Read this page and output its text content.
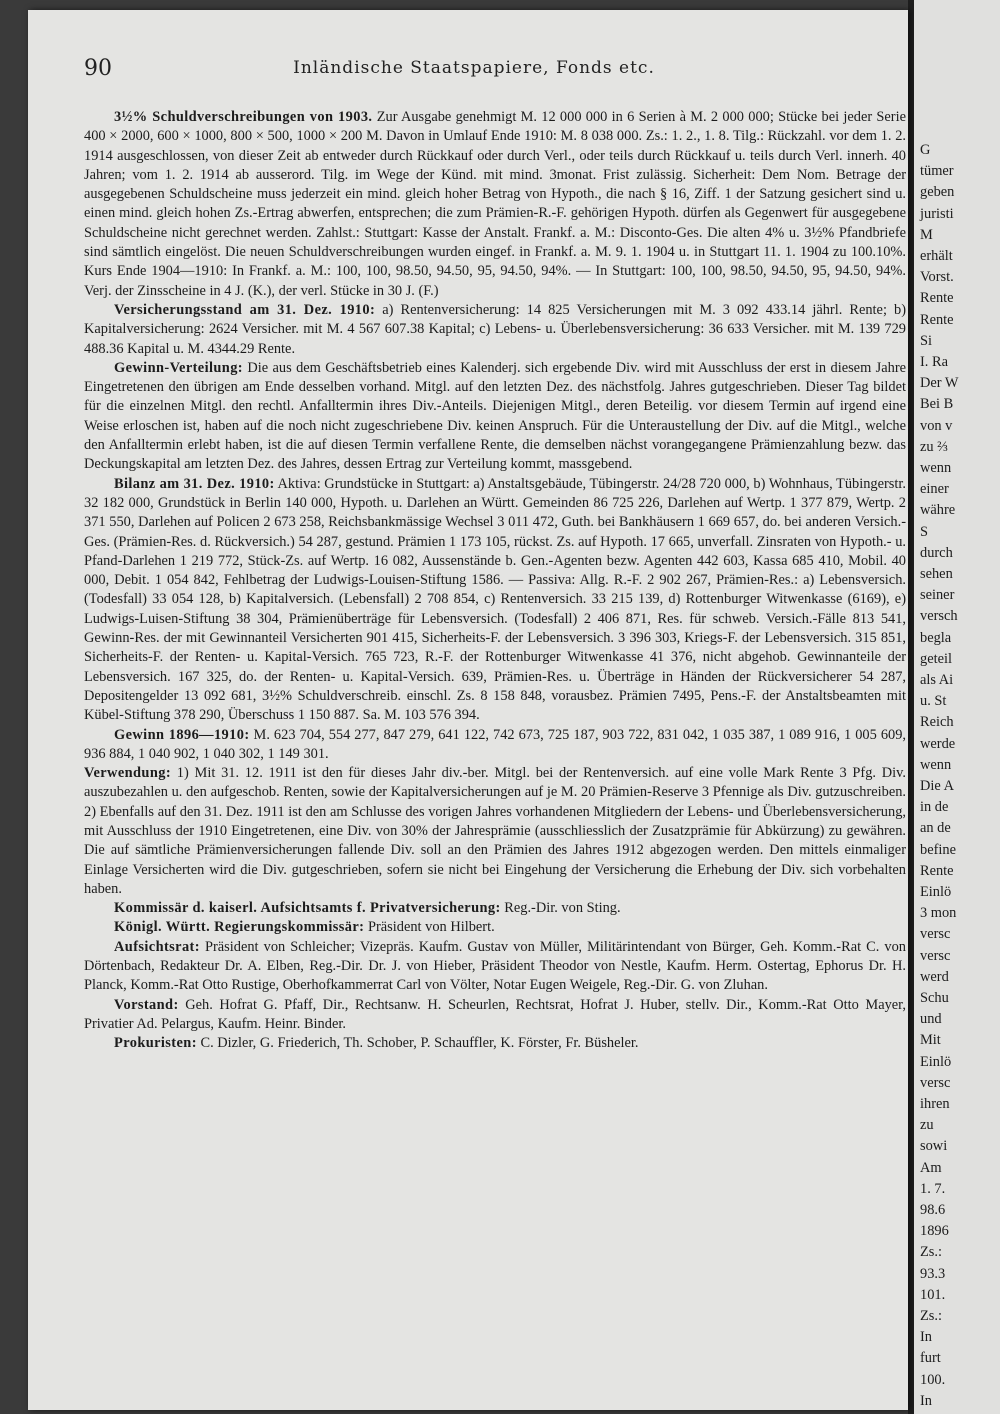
90	Inländische Staatspapiere, Fonds etc.

3½% Schuldverschreibungen von 1903. Zur Ausgabe genehmigt M. 12 000 000 in 6 Serien à M. 2 000 000; Stücke bei jeder Serie 400 × 2000, 600 × 1000, 800 × 500, 1000 × 200 M. Davon in Umlauf Ende 1910: M. 8 038 000. Zs.: 1. 2., 1. 8. Tilg.: Rückzahl. vor dem 1. 2. 1914 ausgeschlossen, von dieser Zeit ab entweder durch Rückkauf oder durch Verl., oder teils durch Rückkauf u. teils durch Verl. innerh. 40 Jahren; vom 1. 2. 1914 ab ausserord. Tilg. im Wege der Künd. mit mind. 3monat. Frist zulässig. Sicherheit: Dem Nom. Betrage der ausgegebenen Schuldscheine muss jederzeit ein mind. gleich hoher Betrag von Hypoth., die nach § 16, Ziff. 1 der Satzung gesichert sind u. einen mind. gleich hohen Zs.-Ertrag abwerfen, entsprechen; die zum Prämien-R.-F. gehörigen Hypoth. dürfen als Gegenwert für ausgegebene Schuldscheine nicht gerechnet werden. Zahlst.: Stuttgart: Kasse der Anstalt. Frankf. a. M.: Disconto-Ges. Die alten 4% u. 3½% Pfandbriefe sind sämtlich eingelöst. Die neuen Schuldverschreibungen wurden eingef. in Frankf. a. M. 9. 1. 1904 u. in Stuttgart 11. 1. 1904 zu 100.10%. Kurs Ende 1904—1910: In Frankf. a. M.: 100, 100, 98.50, 94.50, 95, 94.50, 94%. — In Stuttgart: 100, 100, 98.50, 94.50, 95, 94.50, 94%. Verj. der Zinsscheine in 4 J. (K.), der verl. Stücke in 30 J. (F.)

Versicherungsstand am 31. Dez. 1910: a) Rentenversicherung: 14 825 Versicherungen mit M. 3 092 433.14 jährl. Rente; b) Kapitalversicherung: 2624 Versicher. mit M. 4 567 607.38 Kapital; c) Lebens- u. Überlebensversicherung: 36 633 Versicher. mit M. 139 729 488.36 Kapital u. M. 4344.29 Rente.

Gewinn-Verteilung: Die aus dem Geschäftsbetrieb eines Kalenderj. sich ergebende Div. wird mit Ausschluss der erst in diesem Jahre Eingetretenen den übrigen am Ende desselben vorhand. Mitgl. auf den letzten Dez. des nächstfolg. Jahres gutgeschrieben. Dieser Tag bildet für die einzelnen Mitgl. den rechtl. Anfalltermin ihres Div.-Anteils. Diejenigen Mitgl., deren Beteilig. vor diesem Termin auf irgend eine Weise erloschen ist, haben auf die noch nicht zugeschriebene Div. keinen Anspruch. Für die Unteraustellung der Div. auf die Mitgl., welche den Anfalltermin erlebt haben, ist die auf diesen Termin verfallene Rente, die demselben nächst vorangegangene Prämienzahlung bezw. das Deckungskapital am letzten Dez. des Jahres, dessen Ertrag zur Verteilung kommt, massgebend.

Bilanz am 31. Dez. 1910: Aktiva: Grundstücke in Stuttgart: a) Anstaltsgebäude, Tübingerstr. 24/28 720 000, b) Wohnhaus, Tübingerstr. 32 182 000, Grundstück in Berlin 140 000, Hypoth. u. Darlehen an Württ. Gemeinden 86 725 226, Darlehen auf Wertp. 1 377 879, Wertp. 2 371 550, Darlehen auf Policen 2 673 258, Reichsbankmässige Wechsel 3 011 472, Guth. bei Bankhäusern 1 669 657, do. bei anderen Versich.-Ges. (Prämien-Res. d. Rückversich.) 54 287, gestund. Prämien 1 173 105, rückst. Zs. auf Hypoth. 17 665, unverfall. Zinsraten von Hypoth.- u. Pfand-Darlehen 1 219 772, Stück-Zs. auf Wertp. 16 082, Aussenstände b. Gen.-Agenten bezw. Agenten 442 603, Kassa 685 410, Mobil. 40 000, Debit. 1 054 842, Fehlbetrag der Ludwigs-Louisen-Stiftung 1586. — Passiva: Allg. R.-F. 2 902 267, Prämien-Res.: a) Lebensversich. (Todesfall) 33 054 128, b) Kapitalversich. (Lebensfall) 2 708 854, c) Rentenversich. 33 215 139, d) Rottenburger Witwenkasse (6169), e) Ludwigs-Luisen-Stiftung 38 304, Prämienüberträge für Lebensversich. (Todesfall) 2 406 871, Res. für schweb. Versich.-Fälle 813 541, Gewinn-Res. der mit Gewinnanteil Versicherten 901 415, Sicherheits-F. der Lebensversich. 3 396 303, Kriegs-F. der Lebensversich. 315 851, Sicherheits-F. der Renten- u. Kapital-Versich. 765 723, R.-F. der Rottenburger Witwenkasse 41 376, nicht abgehob. Gewinnanteile der Lebensversich. 167 325, do. der Renten- u. Kapital-Versich. 639, Prämien-Res. u. Überträge in Händen der Rückversicherer 54 287, Depositengelder 13 092 681, 3½% Schuldverschreib. einschl. Zs. 8 158 848, vorausbez. Prämien 7495, Pens.-F. der Anstaltsbeamten mit Kübel-Stiftung 378 290, Überschuss 1 150 887. Sa. M. 103 576 394.

Gewinn 1896—1910: M. 623 704, 554 277, 847 279, 641 122, 742 673, 725 187, 903 722, 831 042, 1 035 387, 1 089 916, 1 005 609, 936 884, 1 040 902, 1 040 302, 1 149 301.

Verwendung: 1) Mit 31. 12. 1911 ist den für dieses Jahr div.-ber. Mitgl. bei der Rentenversich. auf eine volle Mark Rente 3 Pfg. Div. auszubezahlen u. den aufgeschob. Renten, sowie der Kapitalversicherungen auf je M. 20 Prämien-Reserve 3 Pfennige als Div. gutzuschreiben. 2) Ebenfalls auf den 31. Dez. 1911 ist den am Schlusse des vorigen Jahres vorhandenen Mitgliedern der Lebens- und Überlebensversicherung, mit Ausschluss der 1910 Eingetretenen, eine Div. von 30% der Jahresprämie (ausschliesslich der Zusatzprämie für Abkürzung) zu gewähren. Die auf sämtliche Prämienversicherungen fallende Div. soll an den Prämien des Jahres 1912 abgezogen werden. Den mittels einmaliger Einlage Versicherten wird die Div. gutgeschrieben, sofern sie nicht bei Eingehung der Versicherung die Erhebung der Div. sich vorbehalten haben.

Kommissär d. kaiserl. Aufsichtsamts f. Privatversicherung: Reg.-Dir. von Sting.

Königl. Württ. Regierungskommissär: Präsident von Hilbert.

Aufsichtsrat: Präsident von Schleicher; Vizepräs. Kaufm. Gustav von Müller, Militärintendant von Bürger, Geh. Komm.-Rat C. von Dörtenbach, Redakteur Dr. A. Elben, Reg.-Dir. Dr. J. von Hieber, Präsident Theodor von Nestle, Kaufm. Herm. Ostertag, Ephorus Dr. H. Planck, Komm.-Rat Otto Rustige, Oberhofkammerrat Carl von Völter, Notar Eugen Weigele, Reg.-Dir. G. von Zluhan.

Vorstand: Geh. Hofrat G. Pfaff, Dir., Rechtsanw. H. Scheurlen, Rechtsrat, Hofrat J. Huber, stellv. Dir., Komm.-Rat Otto Mayer, Privatier Ad. Pelargus, Kaufm. Heinr. Binder.

Prokuristen: C. Dizler, G. Friederich, Th. Schober, P. Schauffler, K. Förster, Fr. Büsheler.

G
tümer
geben
juristi
M
erhält
Vorst.
Rente
Rente
Si
I. Ra
Der W
Bei B
von v
zu ⅔
wenn
einer
währe
S
durch
sehen
seiner
versch
begla
geteil
als Ai
u. St
Reich
werde
wenn
Die A
in de
an de
befine
Rente
Einlö
3 mon
versc
versc
werd
Schu
und
Mit
Einlö
versc
ihren
zu
sowi
Am
1. 7.
98.6
1896
Zs.:
93.3
101.
Zs.:
In
furt
100.
In
